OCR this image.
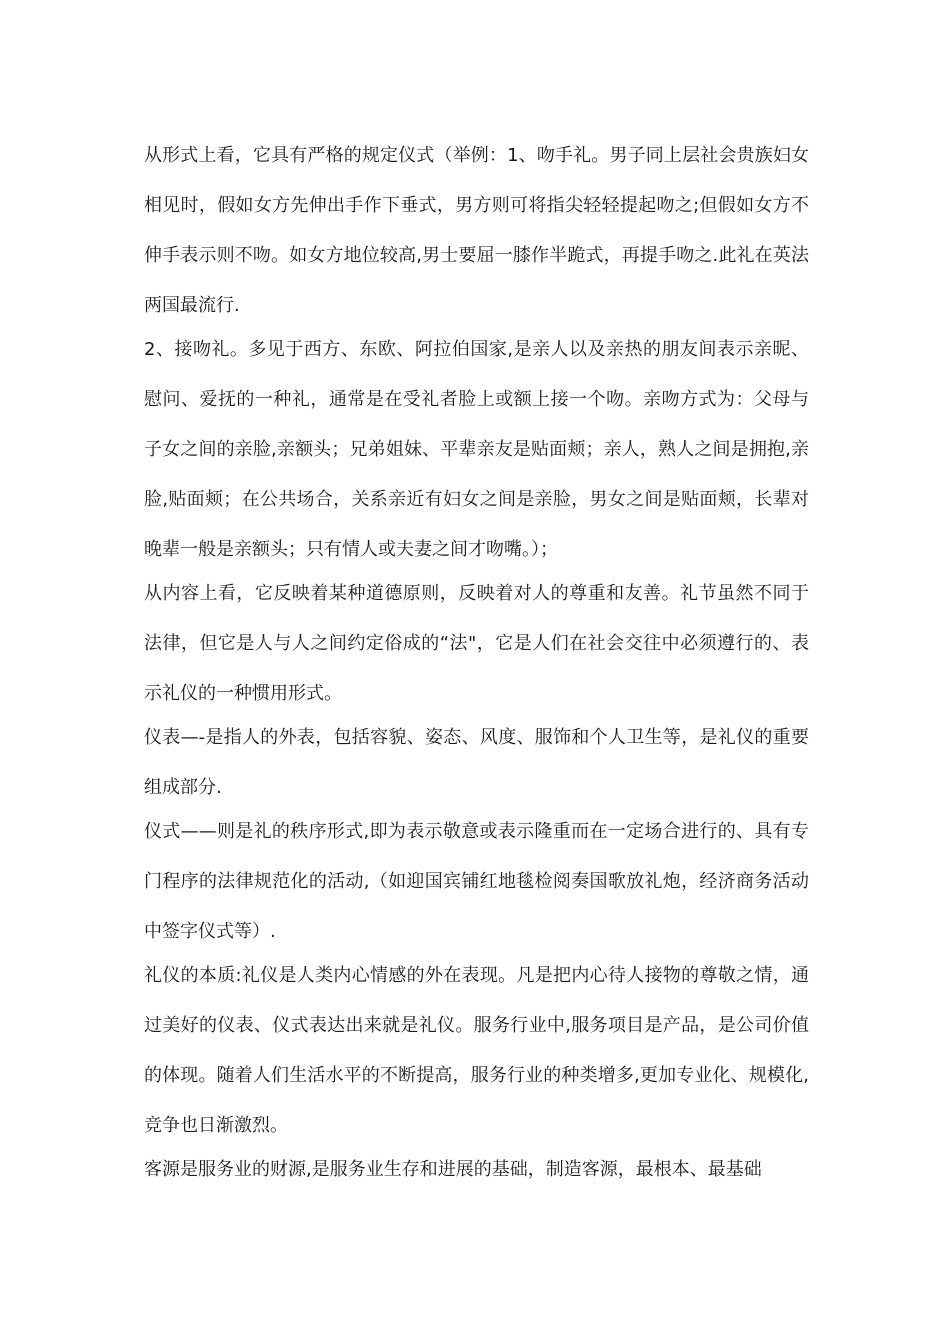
从形式上看，它具有严格的规定仪式（举例：1、吻手礼。男子同上层社会贵族妇女相见时，假如女方先伸出手作下垂式，男方则可将指尖轻轻提起吻之;但假如女方不伸手表示则不吻。如女方地位较高,男士要屈一膝作半跪式，再提手吻之.此礼在英法两国最流行.

2、接吻礼。多见于西方、东欧、阿拉伯国家,是亲人以及亲热的朋友间表示亲昵、慰问、爱抚的一种礼，通常是在受礼者脸上或额上接一个吻。亲吻方式为：父母与子女之间的亲脸,亲额头；兄弟姐妹、平辈亲友是贴面颊；亲人，熟人之间是拥抱,亲脸,贴面颊；在公共场合，关系亲近有妇女之间是亲脸，男女之间是贴面颊，长辈对晚辈一般是亲额头；只有情人或夫妻之间才吻嘴。）；

从内容上看，它反映着某种道德原则，反映着对人的尊重和友善。礼节虽然不同于法律，但它是人与人之间约定俗成的“法"，它是人们在社会交往中必须遵行的、表示礼仪的一种惯用形式。

仪表—-是指人的外表，包括容貌、姿态、风度、服饰和个人卫生等，是礼仪的重要组成部分.

仪式——则是礼的秩序形式,即为表示敬意或表示隆重而在一定场合进行的、具有专门程序的法律规范化的活动,（如迎国宾铺红地毯检阅奏国歌放礼炮，经济商务活动中签字仪式等）.

礼仪的本质:礼仪是人类内心情感的外在表现。凡是把内心待人接物的尊敬之情，通过美好的仪表、仪式表达出来就是礼仪。服务行业中,服务项目是产品，是公司价值的体现。随着人们生活水平的不断提高，服务行业的种类增多,更加专业化、规模化,竞争也日渐激烈。

客源是服务业的财源,是服务业生存和进展的基础，制造客源，最根本、最基础
